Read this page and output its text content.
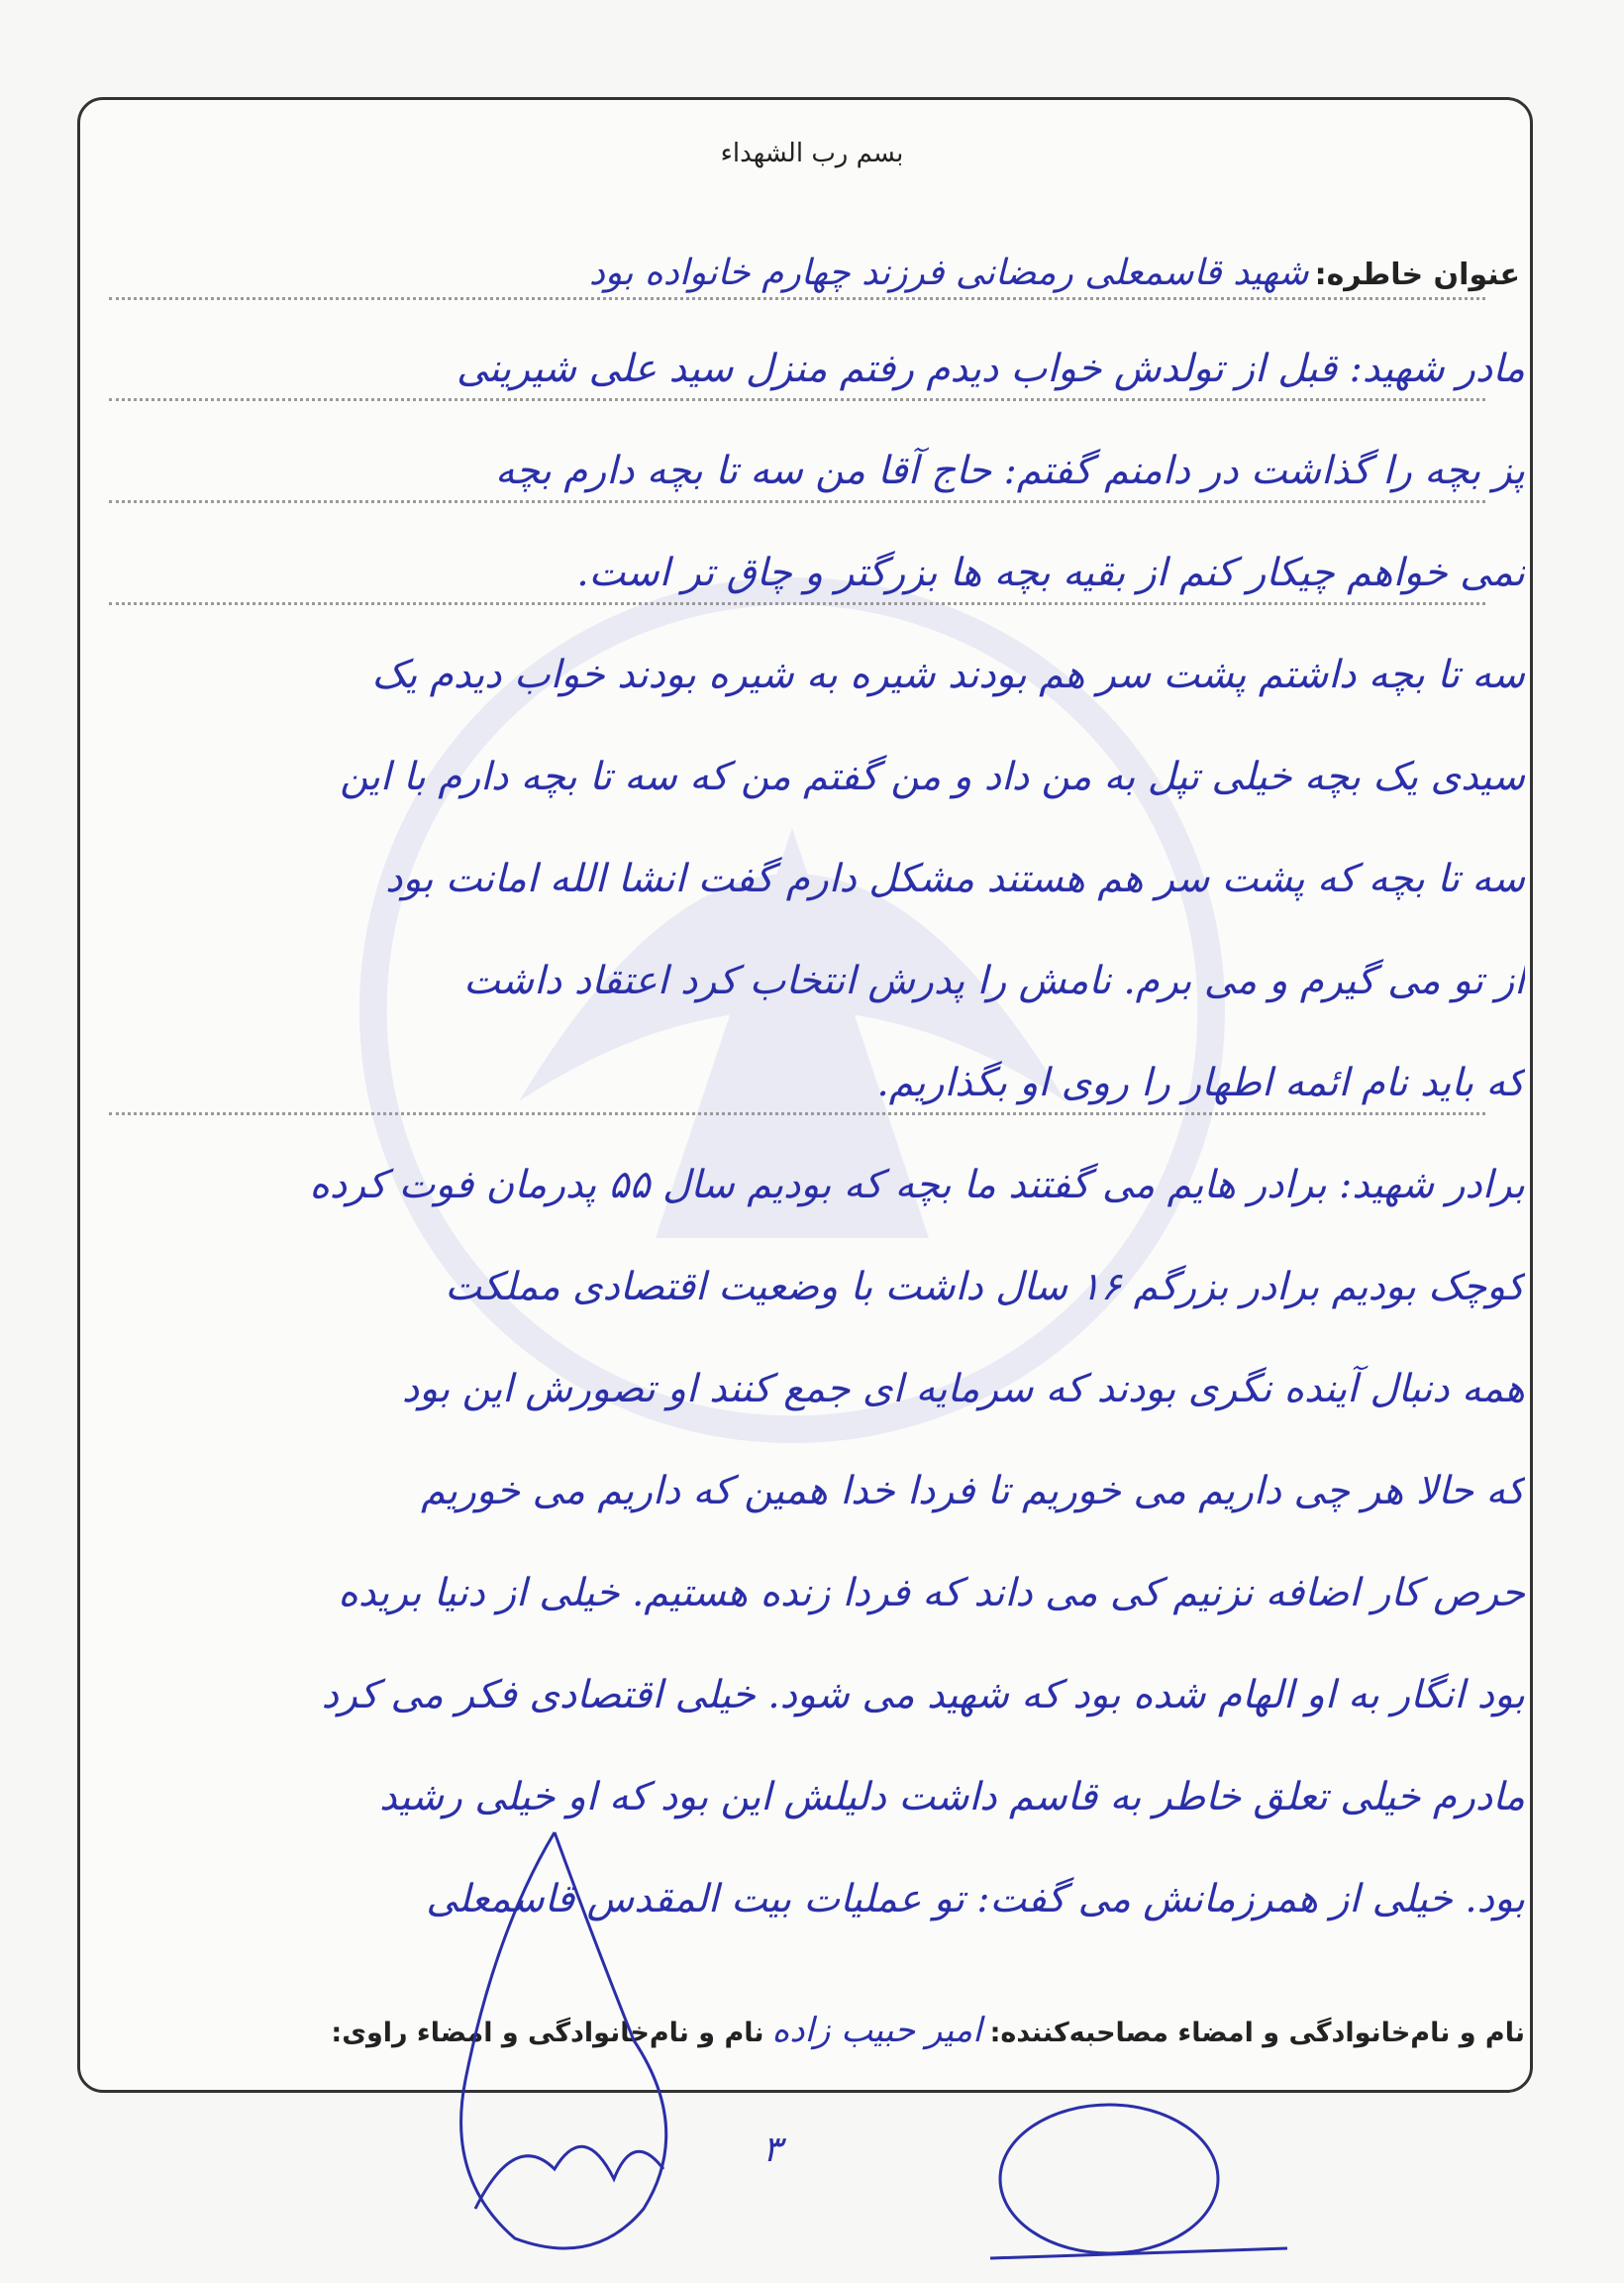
بسم رب الشهداء
عنوان خاطره:
شهید قاسمعلی رمضانی فرزند چهارم خانواده بود
مادر شهید: قبل از تولدش خواب دیدم رفتم منزل سید علی شیرینی
پز بچه را گذاشت در دامنم گفتم: حاج آقا من سه تا بچه دارم بچه
نمی خواهم چیکار کنم از بقیه بچه ها بزرگتر و چاق تر است.
سه تا بچه داشتم پشت سر هم بودند شیره به شیره بودند خواب دیدم یک
سیدی یک بچه خیلی تپل به من داد و من گفتم من که سه تا بچه دارم با این
سه تا بچه که پشت سر هم هستند مشکل دارم گفت انشا الله امانت بود
از تو می گیرم و می برم. نامش را پدرش انتخاب کرد اعتقاد داشت
که باید نام ائمه اطهار را روی او بگذاریم.
برادر شهید: برادر هایم می گفتند ما بچه که بودیم سال ۵۵ پدرمان فوت کرده
کوچک بودیم برادر بزرگم ۱۶ سال داشت با وضعیت اقتصادی مملکت
همه دنبال آینده نگری بودند که سرمایه ای جمع کنند او تصورش این بود
که حالا هر چی داریم می خوریم تا فردا خدا همین که داریم می خوریم
حرص کار اضافه نزنیم کی می داند که فردا زنده هستیم. خیلی از دنیا بریده
بود انگار به او الهام شده بود که شهید می شود. خیلی اقتصادی فکر می کرد
مادرم خیلی تعلق خاطر به قاسم داشت دلیلش این بود که او خیلی رشید
بود. خیلی از همرزمانش می گفت: تو عملیات بیت المقدس قاسمعلی
نام و نام‌خانوادگی و امضاء مصاحبه‌کننده:
امیر حبیب زاده
نام و نام‌خانوادگی و امضاء راوی:
۳
